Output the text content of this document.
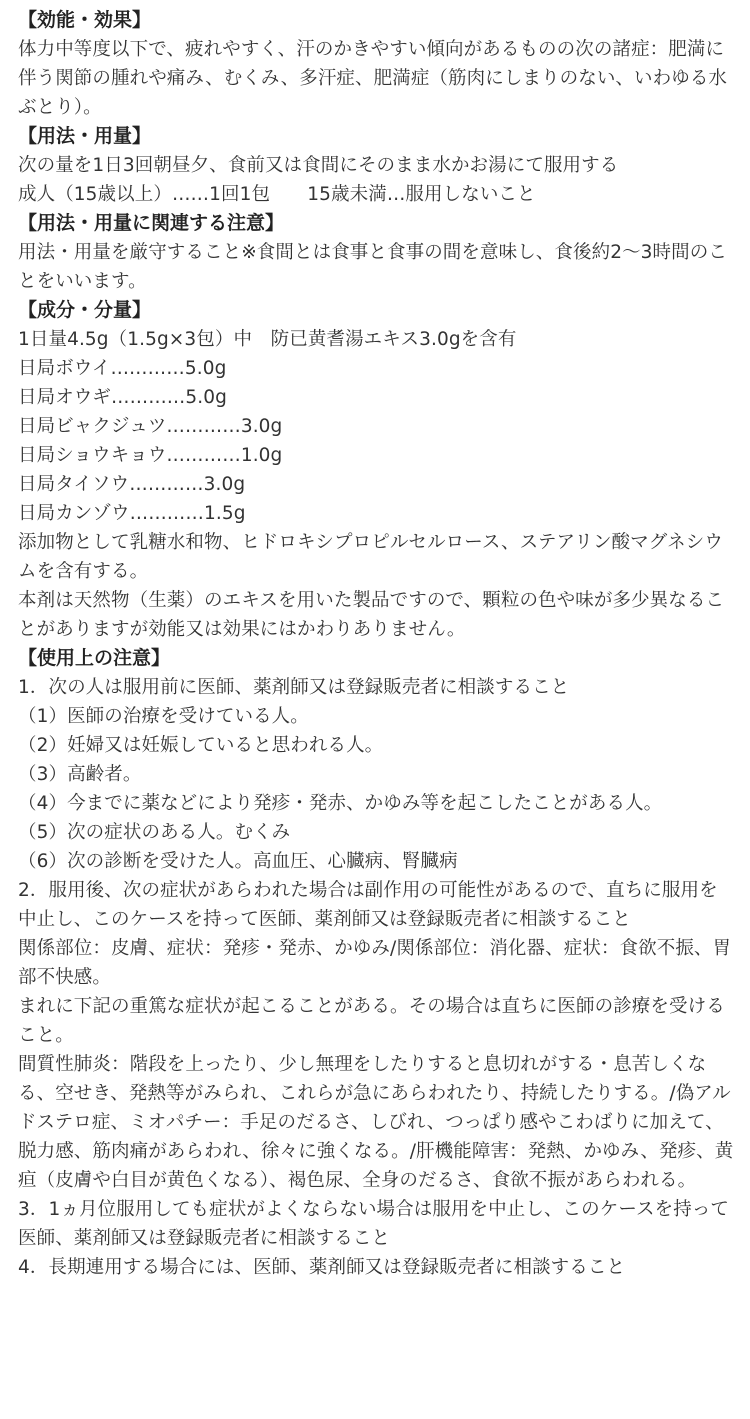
【効能・効果】

体力中等度以下で、疲れやすく、汗のかきやすい傾向があるものの次の諸症：肥満に伴う関節の腫れや痛み、むくみ、多汗症、肥満症（筋肉にしまりのない、いわゆる水ぶとり）。

【用法・用量】

次の量を1日3回朝昼夕、食前又は食間にそのまま水かお湯にて服用する

成人（15歳以上）……1回1包　　15歳未満…服用しないこと

【用法・用量に関連する注意】

用法・用量を厳守すること※食間とは食事と食事の間を意味し、食後約2～3時間のことをいいます。

【成分・分量】

1日量4.5g（1.5g×3包）中　防已黄耆湯エキス3.0gを含有

日局ボウイ…………5.0g

日局オウギ…………5.0g

日局ビャクジュツ…………3.0g

日局ショウキョウ…………1.0g

日局タイソウ…………3.0g

日局カンゾウ…………1.5g

添加物として乳糖水和物、ヒドロキシプロピルセルロース、ステアリン酸マグネシウムを含有する。

本剤は天然物（生薬）のエキスを用いた製品ですので、顆粒の色や味が多少異なることがありますが効能又は効果にはかわりありません。

【使用上の注意】

1．次の人は服用前に医師、薬剤師又は登録販売者に相談すること

（1）医師の治療を受けている人。

（2）妊婦又は妊娠していると思われる人。

（3）高齢者。

（4）今までに薬などにより発疹・発赤、かゆみ等を起こしたことがある人。

（5）次の症状のある人。むくみ

（6）次の診断を受けた人。高血圧、心臓病、腎臓病

2．服用後、次の症状があらわれた場合は副作用の可能性があるので、直ちに服用を中止し、このケースを持って医師、薬剤師又は登録販売者に相談すること

関係部位：皮膚、症状：発疹・発赤、かゆみ/関係部位：消化器、症状：食欲不振、胃部不快感。

まれに下記の重篤な症状が起こることがある。その場合は直ちに医師の診療を受けること。

間質性肺炎：階段を上ったり、少し無理をしたりすると息切れがする・息苦しくなる、空せき、発熱等がみられ、これらが急にあらわれたり、持続したりする。/偽アルドステロ症、ミオパチー：手足のだるさ、しびれ、つっぱり感やこわばりに加えて、脱力感、筋肉痛があらわれ、徐々に強くなる。/肝機能障害：発熱、かゆみ、発疹、黄疸（皮膚や白目が黄色くなる）、褐色尿、全身のだるさ、食欲不振があらわれる。

3．1ヵ月位服用しても症状がよくならない場合は服用を中止し、このケースを持って医師、薬剤師又は登録販売者に相談すること

4．長期連用する場合には、医師、薬剤師又は登録販売者に相談すること
